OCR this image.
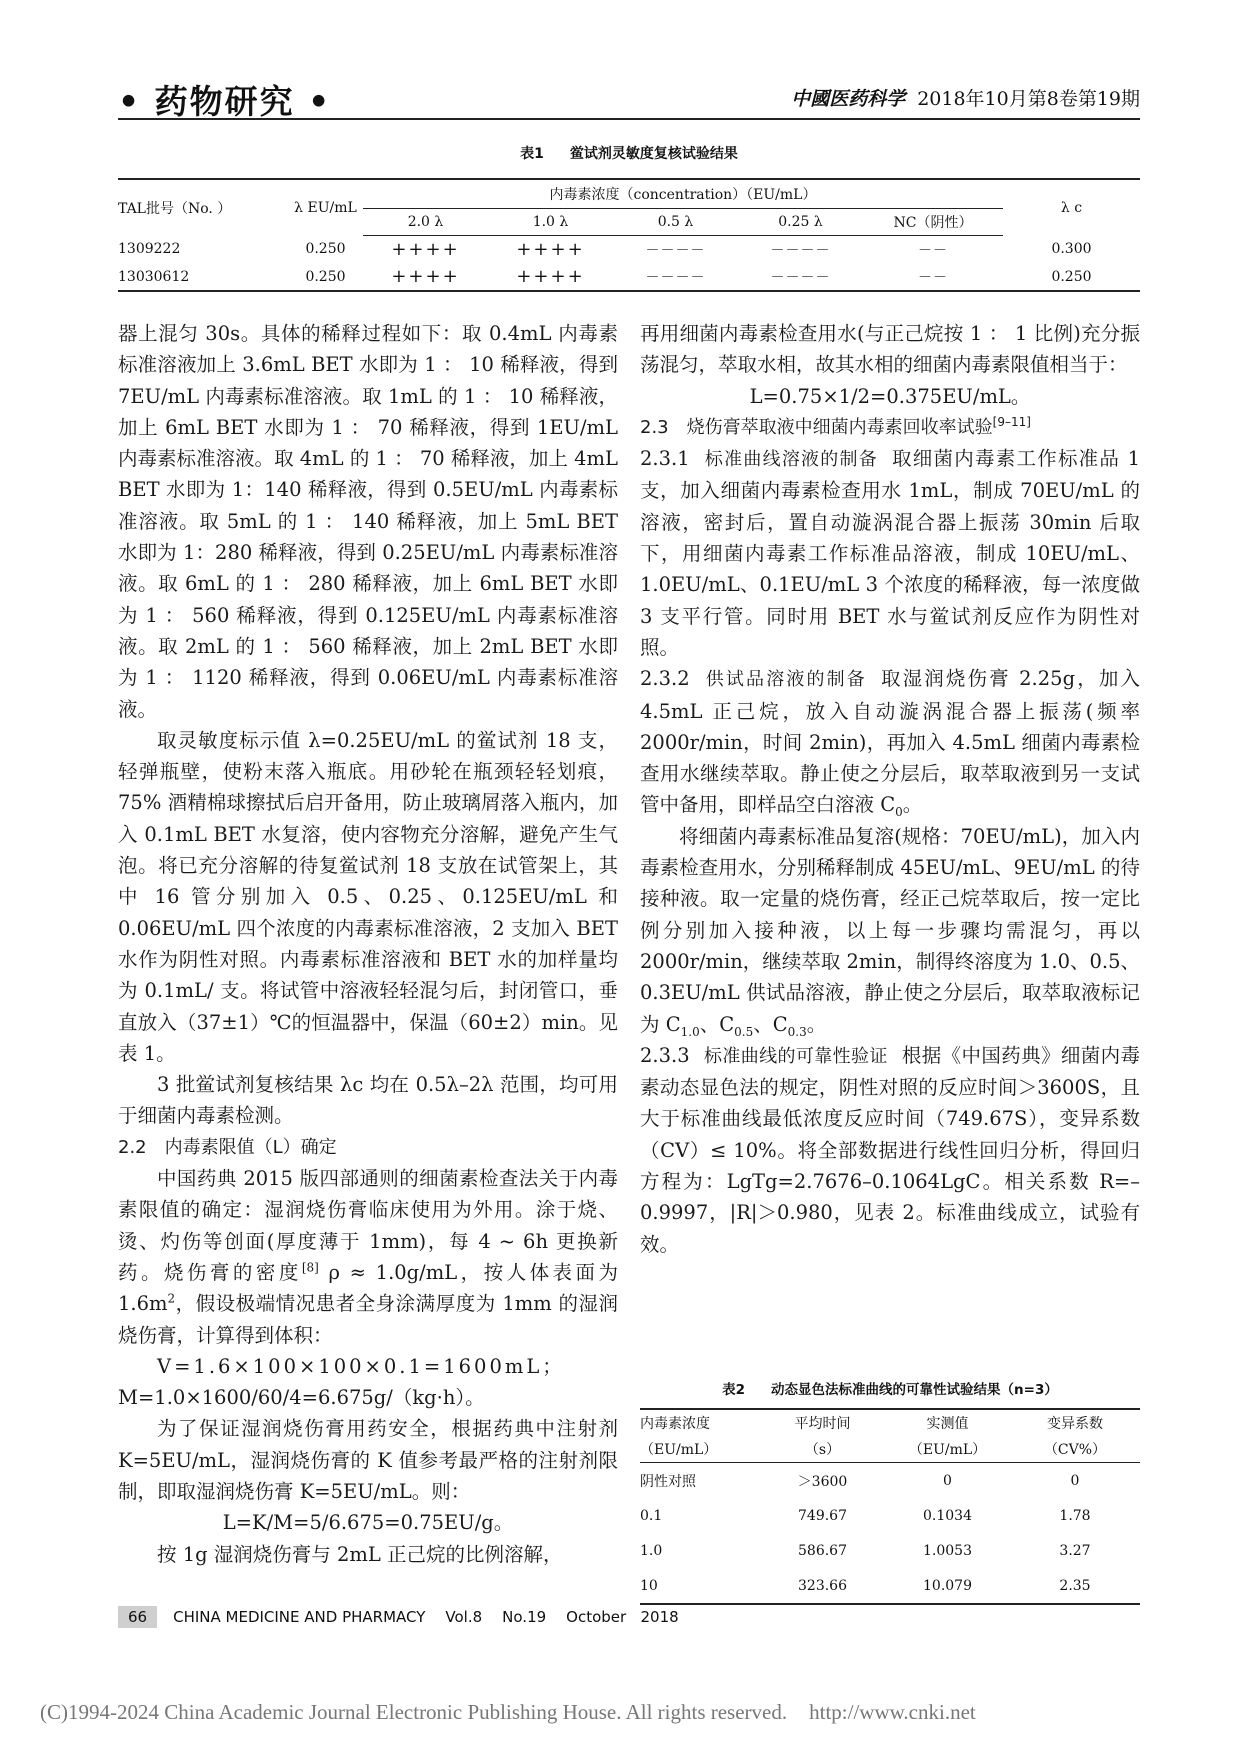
• 药物研究 •	中國医药科学 2018年10月第8卷第19期
表1 鲎试剂灵敏度复核试验结果
TAL批号（No. ）	λ EU/mL	内毒素浓度（concentration）（EU/mL）					λ c
		2.0 λ	1.0 λ	0.5 λ	0.25 λ	NC（阴性）	
1309222	0.250	++++	++++	－－－－	－－－－	－－	0.300
13030612	0.250	++++	++++	－－－－	－－－－	－－	0.250

器上混匀 30s。具体的稀释过程如下：取 0.4mL 内毒素标准溶液加上 3.6mL BET 水即为 1 ： 10 稀释液，得到 7EU/mL 内毒素标准溶液。取 1mL 的 1 ： 10 稀释液，加上 6mL BET 水即为 1 ： 70 稀释液，得到 1EU/mL 内毒素标准溶液。取 4mL 的 1 ： 70 稀释液，加上 4mL BET 水即为 1：140 稀释液，得到 0.5EU/mL 内毒素标准溶液。取 5mL 的 1 ： 140 稀释液，加上 5mL BET 水即为 1：280 稀释液，得到 0.25EU/mL 内毒素标准溶液。取 6mL 的 1 ： 280 稀释液，加上 6mL BET 水即为 1 ： 560 稀释液，得到 0.125EU/mL 内毒素标准溶液。取 2mL 的 1 ： 560 稀释液，加上 2mL BET 水即为 1 ： 1120 稀释液，得到 0.06EU/mL 内毒素标准溶液。

取灵敏度标示值 λ=0.25EU/mL 的鲎试剂 18 支，轻弹瓶壁，使粉末落入瓶底。用砂轮在瓶颈轻轻划痕，75% 酒精棉球擦拭后启开备用，防止玻璃屑落入瓶内，加入 0.1mL BET 水复溶，使内容物充分溶解，避免产生气泡。将已充分溶解的待复鲎试剂 18 支放在试管架上，其中 16 管分别加入 0.5、0.25、0.125EU/mL 和 0.06EU/mL 四个浓度的内毒素标准溶液，2 支加入 BET 水作为阴性对照。内毒素标准溶液和 BET 水的加样量均为 0.1mL/ 支。将试管中溶液轻轻混匀后，封闭管口，垂直放入（37±1）℃的恒温器中，保温（60±2）min。见表 1。

3 批鲎试剂复核结果 λc 均在 0.5λ–2λ 范围，均可用于细菌内毒素检测。

2.2 内毒素限值（L）确定

中国药典 2015 版四部通则的细菌素检查法关于内毒素限值的确定：湿润烧伤膏临床使用为外用。涂于烧、烫、灼伤等创面(厚度薄于 1mm)，每 4 ~ 6h 更换新药。烧伤膏的密度[8] ρ ≈ 1.0g/mL，按人体表面为 $1.6m^2$，假设极端情况患者全身涂满厚度为 1mm 的湿润烧伤膏，计算得到体积：

V=1.6×100×100×0.1=1600mL；

M=1.0×1600/60/4=6.675g/（kg·h）。

为了保证湿润烧伤膏用药安全，根据药典中注射剂 K=5EU/mL，湿润烧伤膏的 K 值参考最严格的注射剂限制，即取湿润烧伤膏 K=5EU/mL。则：

L=K/M=5/6.675=0.75EU/g。

按 1g 湿润烧伤膏与 2mL 正己烷的比例溶解，

再用细菌内毒素检查用水(与正己烷按 1 ： 1 比例)充分振荡混匀，萃取水相，故其水相的细菌内毒素限值相当于：

L=0.75×1/2=0.375EU/mL。

2.3 烧伤膏萃取液中细菌内毒素回收率试验[9–11]

2.3.1 标准曲线溶液的制备 取细菌内毒素工作标准品 1 支，加入细菌内毒素检查用水 1mL，制成 70EU/mL 的溶液，密封后，置自动漩涡混合器上振荡 30min 后取下，用细菌内毒素工作标准品溶液，制成 10EU/mL、1.0EU/mL、0.1EU/mL 3 个浓度的稀释液，每一浓度做 3 支平行管。同时用 BET 水与鲎试剂反应作为阴性对照。

2.3.2 供试品溶液的制备 取湿润烧伤膏 2.25g，加入 4.5mL 正己烷，放入自动漩涡混合器上振荡(频率 2000r/min，时间 2min)，再加入 4.5mL 细菌内毒素检查用水继续萃取。静止使之分层后，取萃取液到另一支试管中备用，即样品空白溶液 $C_0$。

将细菌内毒素标准品复溶(规格：70EU/mL)，加入内毒素检查用水，分别稀释制成 45EU/mL、9EU/mL 的待接种液。取一定量的烧伤膏，经正己烷萃取后，按一定比例分别加入接种液，以上每一步骤均需混匀，再以 2000r/min，继续萃取 2min，制得终溶度为 1.0、0.5、0.3EU/mL 供试品溶液，静止使之分层后，取萃取液标记为 $C_{1.0}$、$C_{0.5}$、$C_{0.3}$。

2.3.3 标准曲线的可靠性验证 根据《中国药典》细菌内毒素动态显色法的规定，阴性对照的反应时间＞3600S，且大于标准曲线最低浓度反应时间（749.67S），变异系数（CV）≤ 10%。将全部数据进行线性回归分析，得回归方程为：LgTg=2.7676–0.1064LgC。相关系数 R=–0.9997，|R|＞0.980，见表 2。标准曲线成立，试验有效。

表2 动态显色法标准曲线的可靠性试验结果（n=3）
内毒素浓度	平均时间	实测值	变异系数
（EU/mL）	（s）	（EU/mL）	（CV%）
阴性对照	＞3600	0	0
0.1	749.67	0.1034	1.78
1.0	586.67	1.0053	3.27
10	323.66	10.079	2.35
66 CHINA MEDICINE AND PHARMACY Vol.8 No.19 October   2018
(C)1994-2024 China Academic Journal Electronic Publishing House. All rights reserved. http://www.cnki.net
